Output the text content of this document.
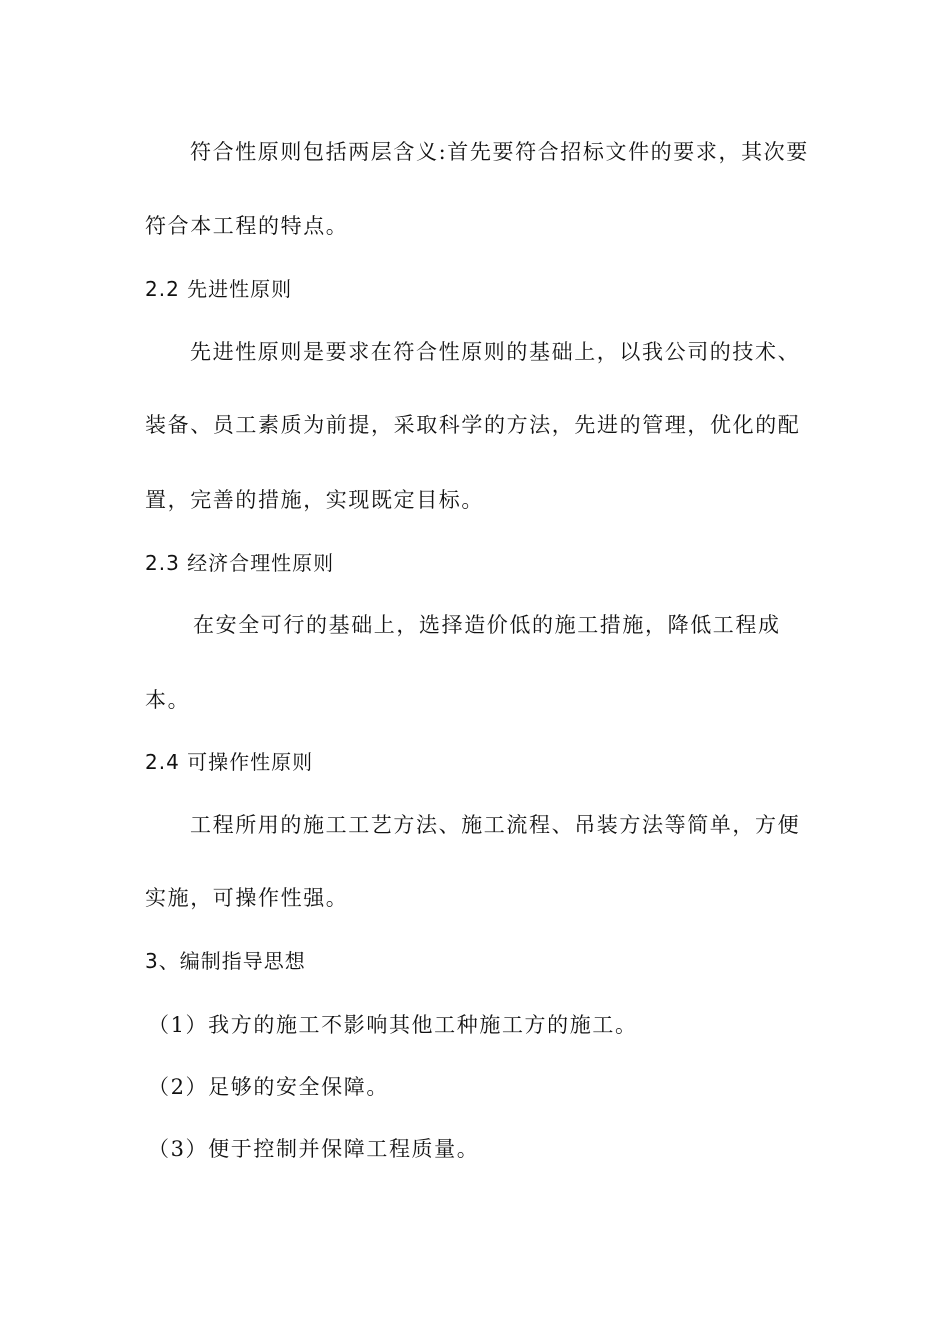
符合性原则包括两层含义:首先要符合招标文件的要求，其次要
符合本工程的特点。
2.2 先进性原则
先进性原则是要求在符合性原则的基础上，以我公司的技术、
装备、员工素质为前提，采取科学的方法，先进的管理，优化的配
置，完善的措施，实现既定目标。
2.3 经济合理性原则
在安全可行的基础上，选择造价低的施工措施，降低工程成
本。
2.4 可操作性原则
工程所用的施工工艺方法、施工流程、吊装方法等简单，方便
实施，可操作性强。
3、编制指导思想
（1）我方的施工不影响其他工种施工方的施工。
（2）足够的安全保障。
（3）便于控制并保障工程质量。
